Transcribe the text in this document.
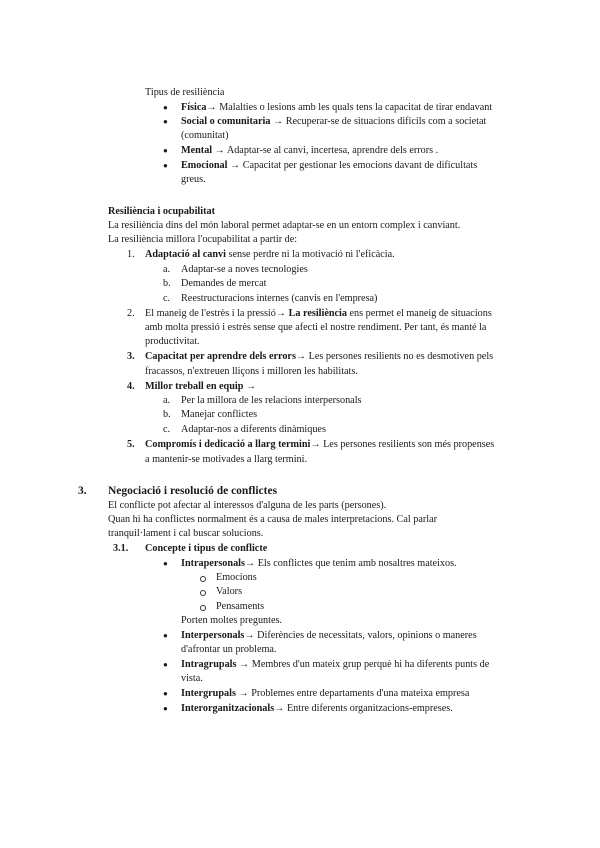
Tipus de resiliència
● Física→ Malalties o lesions amb les quals tens la capacitat de tirar endavant
● Social o comunitaria → Recuperar-se de situacions difícils com a societat
(comunitat)
● Mental → Adaptar-se al canvi, incertesa, aprendre dels errors .
● Emocional → Capacitat per gestionar les emocions davant de dificultats
greus.
Resiliència i ocupabilitat
La resiliència dins del món laboral permet adaptar-se en un entorn complex i canviant.
La resiliència millora l'ocupabilitat a partir de:
1. Adaptació al canvi sense perdre ni la motivació ni l'eficàcia.
a. Adaptar-se a noves tecnologies
b. Demandes de mercat
c. Reestructuracions internes (canvis en l'empresa)
2. El maneig de l'estrès i la pressió→ La resiliència ens permet el maneig de situacions
amb molta pressió i estrès sense que afecti el nostre rendiment. Per tant, és manté la
productivitat.
3. Capacitat per aprendre dels errors→ Les persones resilients no es desmotiven pels
fracassos, n'extreuen lliçons i milloren les habilitats.
4. Millor treball en equip →
a. Per la millora de les relacions interpersonals
b. Manejar conflictes
c. Adaptar-nos a diferents dinàmiques
5. Compromís i dedicació a llarg termini→ Les persones resilients son més propenses
a mantenir-se motivades a llarg termini.
3. Negociació i resolució de conflictes
El conflicte pot afectar al interessos d'alguna de les parts (persones).
Quan hi ha conflictes normalment és a causa de males interpretacions. Cal parlar
tranquil·lament i cal buscar solucions.
3.1. Concepte i tipus de conflicte
● Intrapersonals→ Els conflictes que tenim amb nosaltres mateixos.
Emocions
Valors
Pensaments
Porten moltes preguntes.
● Interpersonals→ Diferències de necessitats, valors, opinions o maneres
d'afrontar un problema.
● Intragrupals → Membres d'un mateix grup perquè hi ha diferents punts de
vista.
● Intergrupals → Problemes entre departaments d'una mateixa empresa
● Interorganitzacionals→ Entre diferents organitzacions-empreses.
